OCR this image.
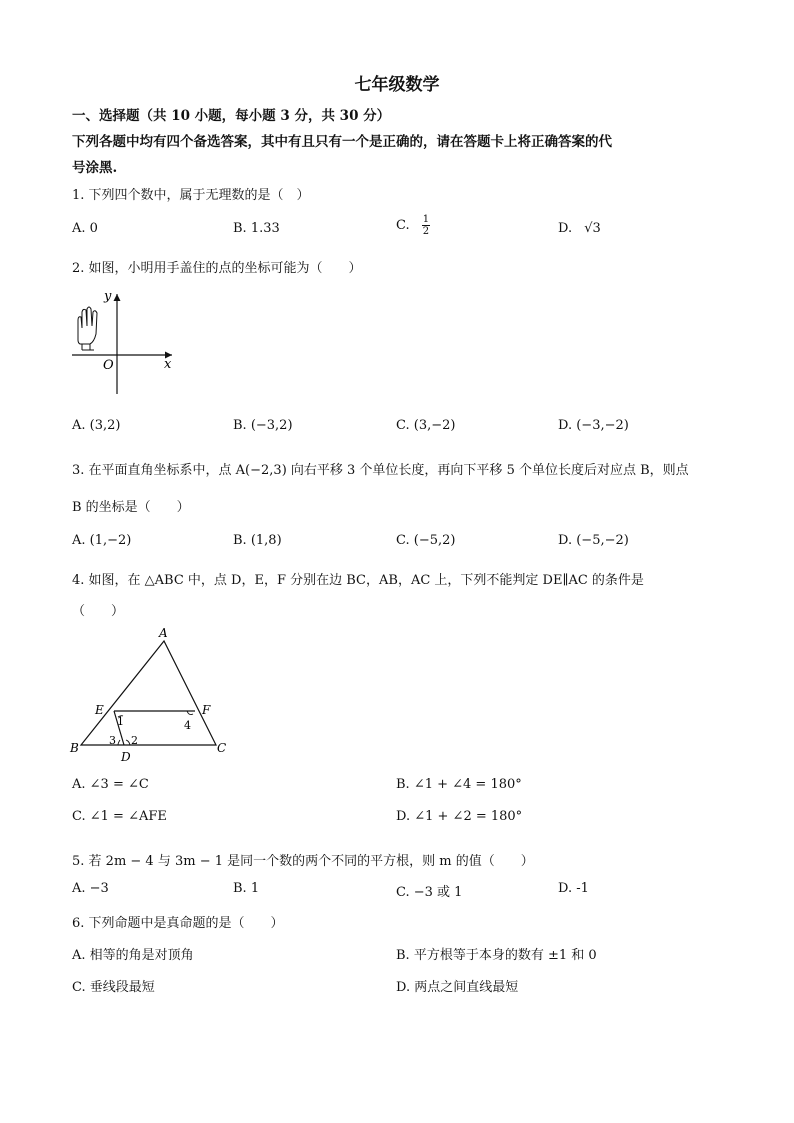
七年级数学
一、选择题（共 10 小题，每小题 3 分，共 30 分）
下列各题中均有四个备选答案，其中有且只有一个是正确的，请在答题卡上将正确答案的代
号涂黑.
1. 下列四个数中，属于无理数的是（　）
A. 0	B. 1.33	C. $\frac{1}{2}$	D. √3
2. 如图，小明用手盖住的点的坐标可能为（　　）
y
x
O
A. (3,2)	B. (−3,2)	C. (3,−2)	D. (−3,−2)
3. 在平面直角坐标系中，点 A(−2,3) 向右平移 3 个单位长度，再向下平移 5 个单位长度后对应点 B，则点
B 的坐标是（　　）
A. (1,−2)	B. (1,8)	C. (−5,2)	D. (−5,−2)
4. 如图，在 △ABC 中，点 D，E，F 分别在边 BC，AB，AC 上，下列不能判定 DE∥AC 的条件是
（　　）
A
B	C
D
E	F
1
2
3
4
A. ∠3 = ∠C	B. ∠1 + ∠4 = 180°
C. ∠1 = ∠AFE	D. ∠1 + ∠2 = 180°
5. 若 2m − 4 与 3m − 1 是同一个数的两个不同的平方根，则 m 的值（　　）
A. −3	B. 1	C. −3 或 1	D. -1
6. 下列命题中是真命题的是（　　）
A. 相等的角是对顶角	B. 平方根等于本身的数有 ±1 和 0
C. 垂线段最短	D. 两点之间直线最短
